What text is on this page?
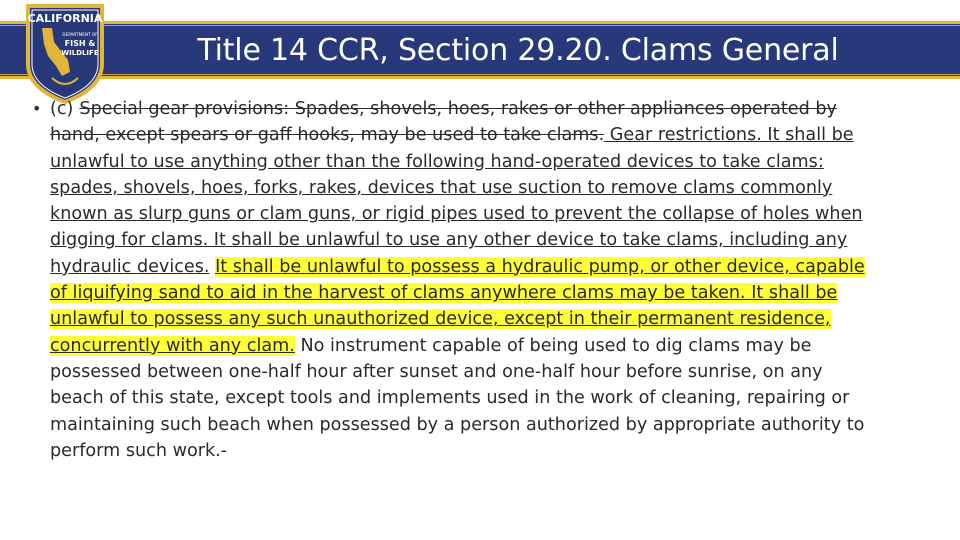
Title 14 CCR, Section 29.20. Clams General
CALIFORNIA
DEPARTMENT OF
FISH &
WILDLIFE
• (c) Special gear provisions: Spades, shovels, hoes, rakes or other appliances operated by hand, except spears or gaff hooks, may be used to take clams. Gear restrictions. It shall be unlawful to use anything other than the following hand-operated devices to take clams: spades, shovels, hoes, forks, rakes, devices that use suction to remove clams commonly known as slurp guns or clam guns, or rigid pipes used to prevent the collapse of holes when digging for clams. It shall be unlawful to use any other device to take clams, including any hydraulic devices. It shall be unlawful to possess a hydraulic pump, or other device, capable of liquifying sand to aid in the harvest of clams anywhere clams may be taken. It shall be unlawful to possess any such unauthorized device, except in their permanent residence, concurrently with any clam. No instrument capable of being used to dig clams may be possessed between one-half hour after sunset and one-half hour before sunrise, on any beach of this state, except tools and implements used in the work of cleaning, repairing or maintaining such beach when possessed by a person authorized by appropriate authority to perform such work.-
